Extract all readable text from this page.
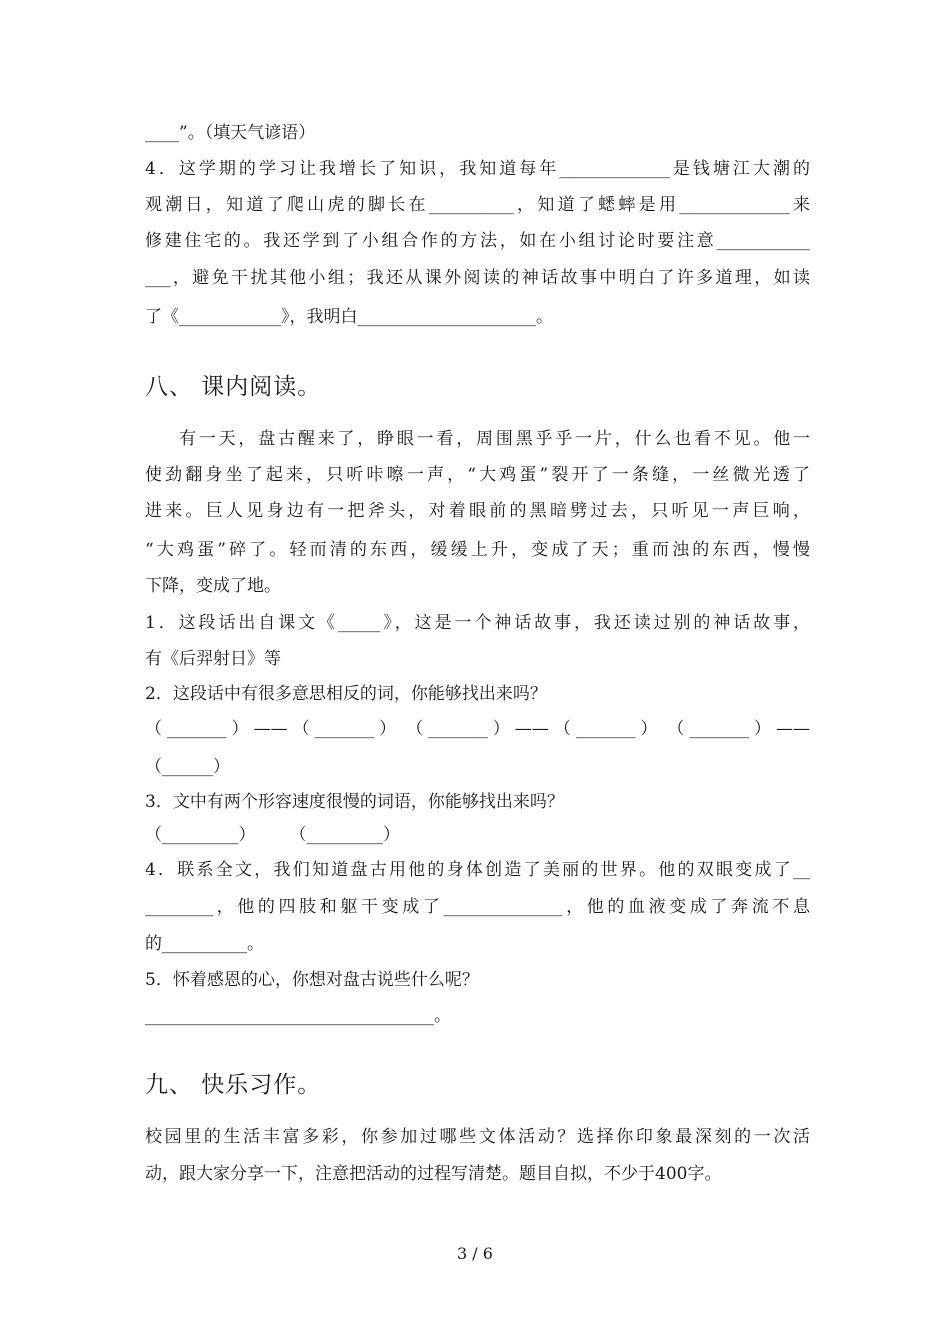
____”。（填天气谚语）
4．这学期的学习让我增长了知识，我知道每年_____________是钱塘江大潮的
观潮日，知道了爬山虎的脚长在__________，知道了蟋蟀是用_____________来
修建住宅的。我还学到了小组合作的方法，如在小组讨论时要注意___________
___，避免干扰其他小组；我还从课外阅读的神话故事中明白了许多道理，如读
了《____________》，我明白_____________________。
八、 课内阅读。
有一天，盘古醒来了，睁眼一看，周围黑乎乎一片，什么也看不见。他一
使劲翻身坐了起来，只听咔嚓一声，“大鸡蛋”裂开了一条缝，一丝微光透了
进来。巨人见身边有一把斧头，对着眼前的黑暗劈过去，只听见一声巨响，
“大鸡蛋”碎了。轻而清的东西，缓缓上升，变成了天；重而浊的东西，慢慢
下降，变成了地。
1．这段话出自课文《_____》，这是一个神话故事，我还读过别的神话故事，
有《后羿射日》等
2．这段话中有很多意思相反的词，你能够找出来吗？
（_______）——（_______）　（_______）——（_______）　（_______）——
（______）
3．文中有两个形容速度很慢的词语，你能够找出来吗？
（_________）　　　（_________）
4．联系全文，我们知道盘古用他的身体创造了美丽的世界。他的双眼变成了__
________，他的四肢和躯干变成了______________，他的血液变成了奔流不息
的__________。
5．怀着感恩的心，你想对盘古说些什么呢？
__________________________________。
九、 快乐习作。
校园里的生活丰富多彩，你参加过哪些文体活动？选择你印象最深刻的一次活
动，跟大家分享一下，注意把活动的过程写清楚。题目自拟，不少于400字。
3 / 6
